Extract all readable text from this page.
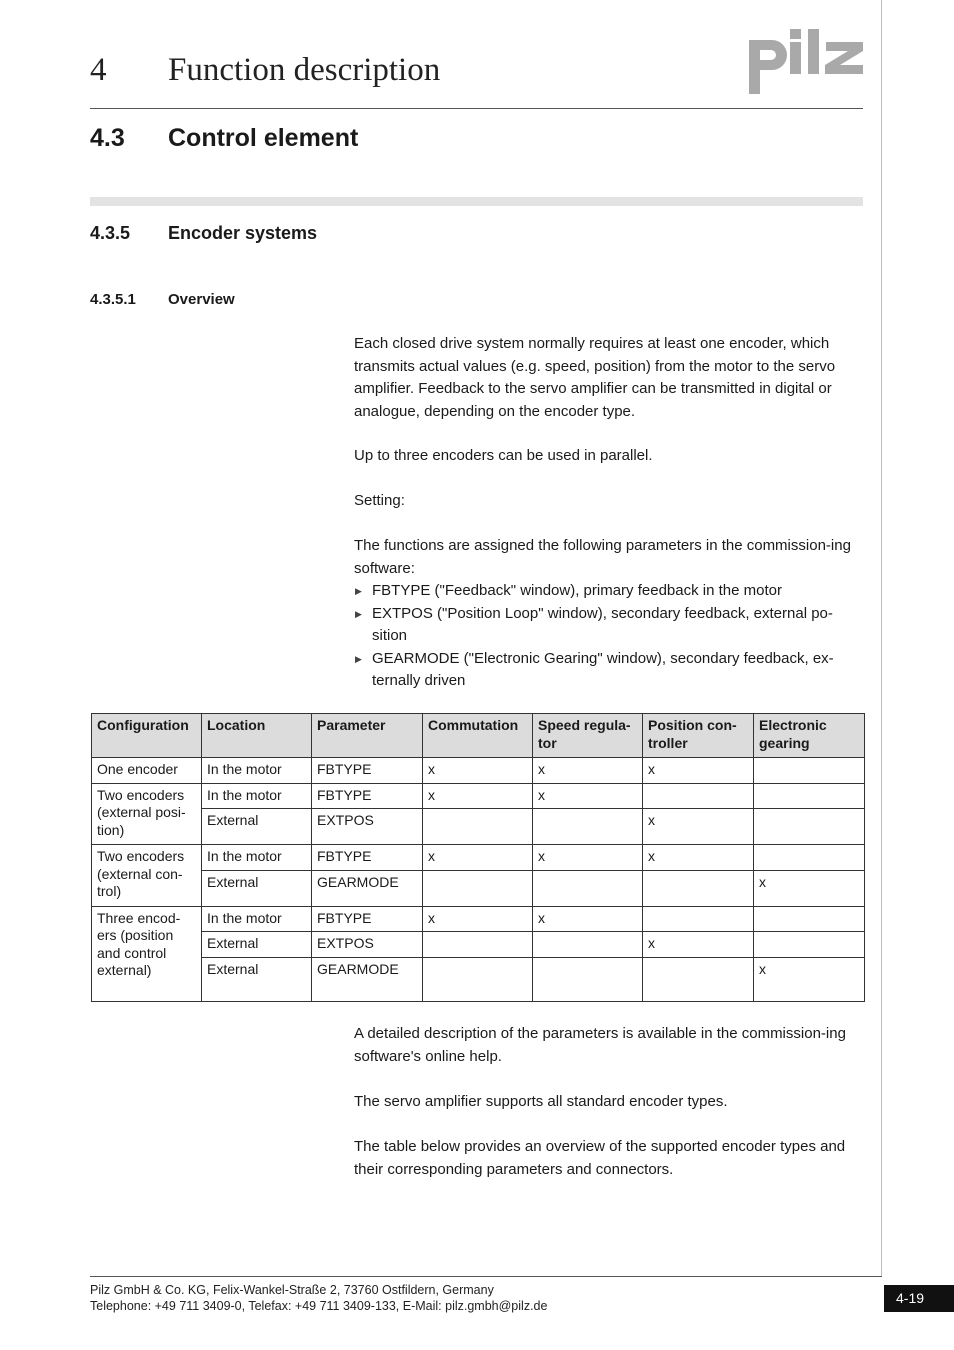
4 Function description
4.3 Control element
4.3.5 Encoder systems
4.3.5.1 Overview

Each closed drive system normally requires at least one encoder, which transmits actual values (e.g. speed, position) from the motor to the servo amplifier. Feedback to the servo amplifier can be transmitted in digital or analogue, depending on the encoder type.

Up to three encoders can be used in parallel.

Setting:

The functions are assigned the following parameters in the commission-ing software:

▶ FBTYPE ("Feedback" window), primary feedback in the motor
▶ EXTPOS ("Position Loop" window), secondary feedback, external po-sition
▶ GEARMODE ("Electronic Gearing" window), secondary feedback, ex-ternally driven
Configuration	Location	Parameter	Commutation	Speed regula-tor	Position con-troller	Electronic gearing
One encoder	In the motor	FBTYPE	x	x	x	
Two encoders (external posi-tion)	In the motor	FBTYPE	x	x		
	External	EXTPOS			x	
Two encoders (external con-trol)	In the motor	FBTYPE	x	x	x	
	External	GEARMODE				x
Three encod-ers (position and control external)	In the motor	FBTYPE	x	x		
	External	EXTPOS			x	
	External	GEARMODE				x

A detailed description of the parameters is available in the commission-ing software's online help.

The servo amplifier supports all standard encoder types.

The table below provides an overview of the supported encoder types and their corresponding parameters and connectors.

Pilz GmbH & Co. KG, Felix-Wankel-Straße 2, 73760 Ostfildern, Germany
Telephone: +49 711 3409-0, Telefax: +49 711 3409-133, E-Mail: pilz.gmbh@pilz.de	4-19
